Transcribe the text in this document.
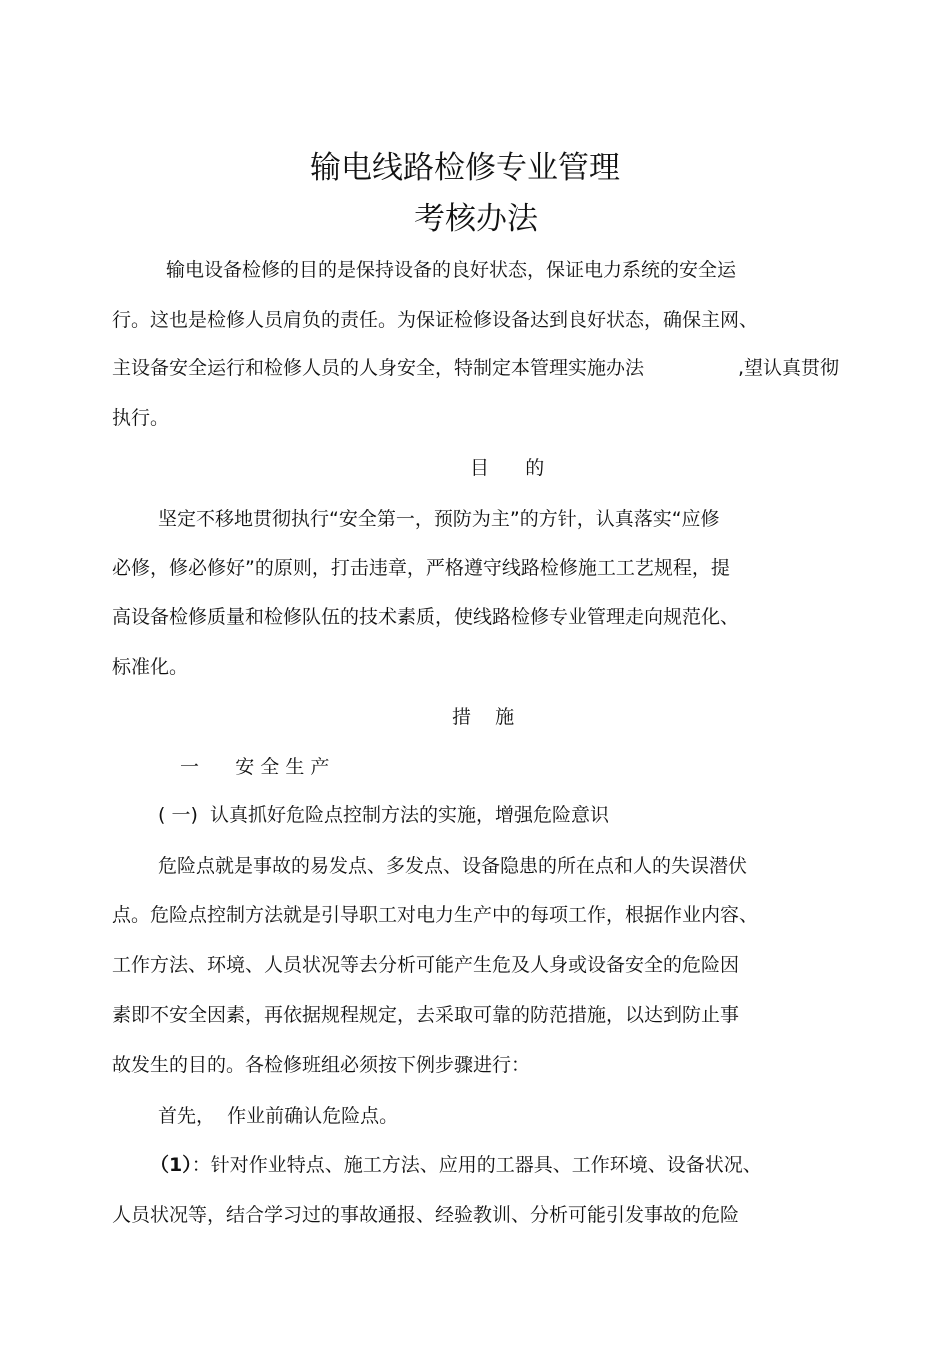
输电线路检修专业管理
考核办法
输电设备检修的目的是保持设备的良好状态，保证电力系统的安全运
行。这也是检修人员肩负的责任。为保证检修设备达到良好状态，确保主网、
主设备安全运行和检修人员的人身安全，特制定本管理实施办法	,望认真贯彻
执行。
目      的
坚定不移地贯彻执行“安全第一，预防为主”的方针，认真落实“应修
必修，修必修好”的原则，打击违章，严格遵守线路检修施工工艺规程，提
高设备检修质量和检修队伍的技术素质，使线路检修专业管理走向规范化、
标准化。
措    施
一      安 全 生 产
( 一)  认真抓好危险点控制方法的实施，增强危险意识
危险点就是事故的易发点、多发点、设备隐患的所在点和人的失误潜伏
点。危险点控制方法就是引导职工对电力生产中的每项工作，根据作业内容、
工作方法、环境、人员状况等去分析可能产生危及人身或设备安全的危险因
素即不安全因素，再依据规程规定，去采取可靠的防范措施，以达到防止事
故发生的目的。各检修班组必须按下例步骤进行：
首先，  作业前确认危险点。
（1）：针对作业特点、施工方法、应用的工器具、工作环境、设备状况、
人员状况等，结合学习过的事故通报、经验教训、分析可能引发事故的危险
